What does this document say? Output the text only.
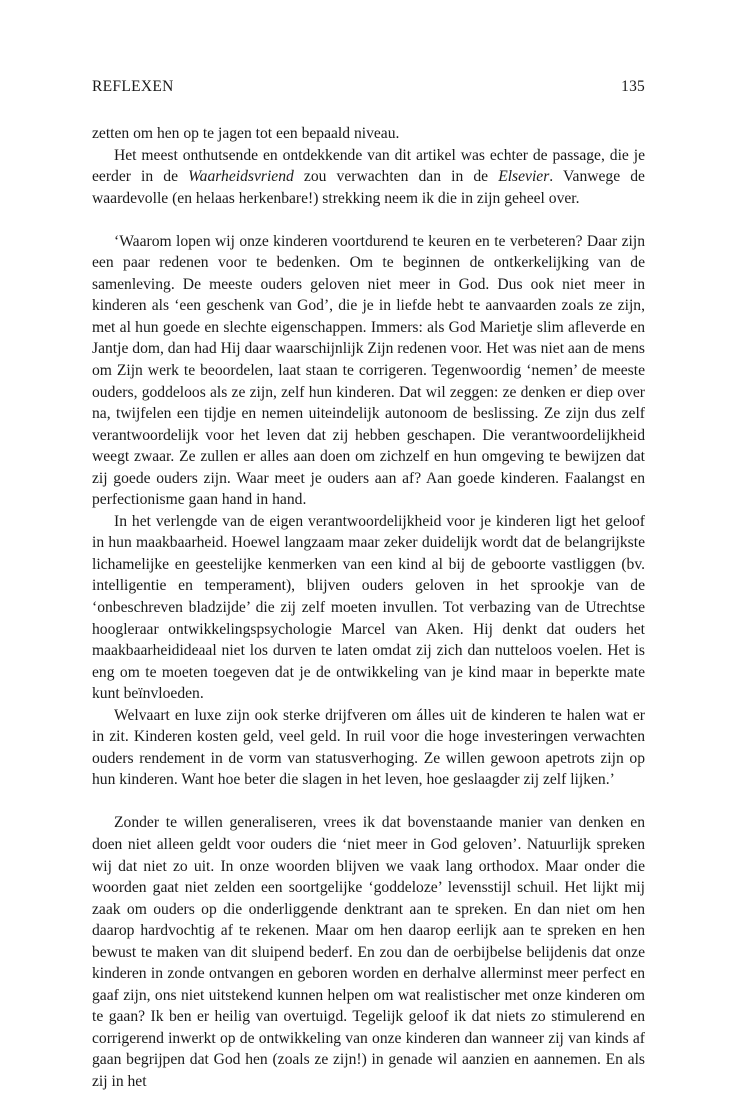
REFLEXEN	135

zetten om hen op te jagen tot een bepaald niveau.

Het meest onthutsende en ontdekkende van dit artikel was echter de passage, die je eerder in de Waarheidsvriend zou verwachten dan in de Elsevier. Vanwege de waardevolle (en helaas herkenbare!) strekking neem ik die in zijn geheel over.

‘Waarom lopen wij onze kinderen voortdurend te keuren en te verbeteren? Daar zijn een paar redenen voor te bedenken. Om te beginnen de ontkerkelijking van de samenleving. De meeste ouders geloven niet meer in God. Dus ook niet meer in kinderen als ‘een geschenk van God’, die je in liefde hebt te aanvaarden zoals ze zijn, met al hun goede en slechte eigenschappen. Immers: als God Marietje slim afleverde en Jantje dom, dan had Hij daar waarschijnlijk Zijn redenen voor. Het was niet aan de mens om Zijn werk te beoordelen, laat staan te corrigeren. Tegenwoordig ‘nemen’ de meeste ouders, goddeloos als ze zijn, zelf hun kinderen. Dat wil zeggen: ze denken er diep over na, twijfelen een tijdje en nemen uiteindelijk autonoom de beslissing. Ze zijn dus zelf verantwoordelijk voor het leven dat zij hebben geschapen. Die verantwoordelijkheid weegt zwaar. Ze zullen er alles aan doen om zichzelf en hun omgeving te bewijzen dat zij goede ouders zijn. Waar meet je ouders aan af? Aan goede kinderen. Faalangst en perfectionisme gaan hand in hand.

In het verlengde van de eigen verantwoordelijkheid voor je kinderen ligt het geloof in hun maakbaarheid. Hoewel langzaam maar zeker duidelijk wordt dat de belangrijkste lichamelijke en geestelijke kenmerken van een kind al bij de geboorte vastliggen (bv. intelligentie en temperament), blijven ouders geloven in het sprookje van de ‘onbeschreven bladzijde’ die zij zelf moeten invullen. Tot verbazing van de Utrechtse hoogleraar ontwikkelingspsychologie Marcel van Aken. Hij denkt dat ouders het maakbaarheidideaal niet los durven te laten omdat zij zich dan nutteloos voelen. Het is eng om te moeten toegeven dat je de ontwikkeling van je kind maar in beperkte mate kunt beïnvloeden.

Welvaart en luxe zijn ook sterke drijfveren om álles uit de kinderen te halen wat er in zit. Kinderen kosten geld, veel geld. In ruil voor die hoge investeringen verwachten ouders rendement in de vorm van statusverhoging. Ze willen gewoon apetrots zijn op hun kinderen. Want hoe beter die slagen in het leven, hoe geslaagder zij zelf lijken.’

Zonder te willen generaliseren, vrees ik dat bovenstaande manier van denken en doen niet alleen geldt voor ouders die ‘niet meer in God geloven’. Natuurlijk spreken wij dat niet zo uit. In onze woorden blijven we vaak lang orthodox. Maar onder die woorden gaat niet zelden een soortgelijke ‘goddeloze’ levensstijl schuil. Het lijkt mij zaak om ouders op die onderliggende denktrant aan te spreken. En dan niet om hen daarop hardvochtig af te rekenen. Maar om hen daarop eerlijk aan te spreken en hen bewust te maken van dit sluipend bederf. En zou dan de oerbijbelse belijdenis dat onze kinderen in zonde ontvangen en geboren worden en derhalve allerminst meer perfect en gaaf zijn, ons niet uitstekend kunnen helpen om wat realistischer met onze kinderen om te gaan? Ik ben er heilig van overtuigd. Tegelijk geloof ik dat niets zo stimulerend en corrigerend inwerkt op de ontwikkeling van onze kinderen dan wanneer zij van kinds af gaan begrijpen dat God hen (zoals ze zijn!) in genade wil aanzien en aannemen. En als zij in het
